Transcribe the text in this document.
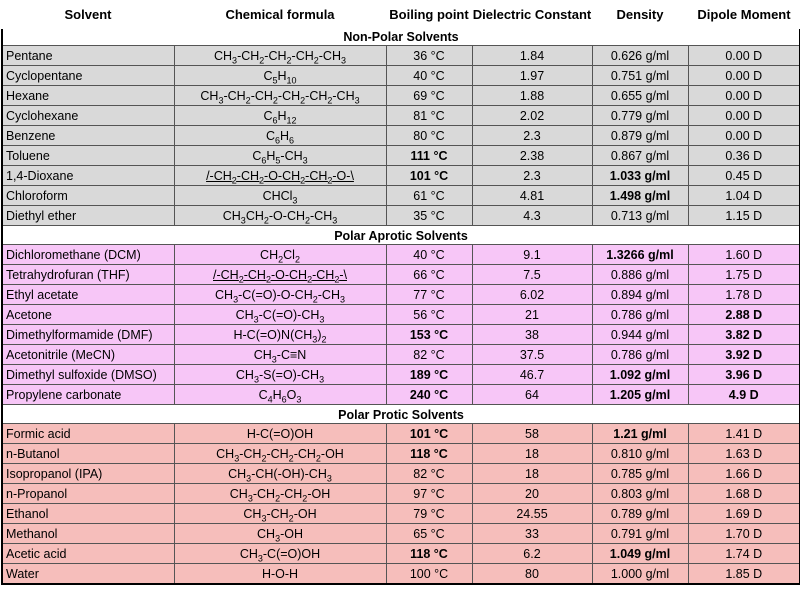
Solvent	Chemical formula	Boiling point	Dielectric Constant	Density	Dipole Moment
Non-Polar Solvents					
Pentane	$CH_3-CH_2-CH_2-CH_2-CH_3$	36 °C	1.84	0.626 g/ml	0.00 D
Cyclopentane	$C_5H_{10}$	40 °C	1.97	0.751 g/ml	0.00 D
Hexane	$CH_3-CH_2-CH_2-CH_2-CH_2-CH_3$	69 °C	1.88	0.655 g/ml	0.00 D
Cyclohexane	$C_6H_{12}$	81 °C	2.02	0.779 g/ml	0.00 D
Benzene	$C_6H_6$	80 °C	2.3	0.879 g/ml	0.00 D
Toluene	$C_6H_5-CH_3$	111 °C	2.38	0.867 g/ml	0.36 D
1,4-Dioxane	$/-CH_2-CH_2-O-CH_2-CH_2-O-\backslash$	101 °C	2.3	1.033 g/ml	0.45 D
Chloroform	CHCl$_3$	61 °C	4.81	1.498 g/ml	1.04 D
Diethyl ether	$CH_3CH_2-O-CH_2-CH_3$	35 °C	4.3	0.713 g/ml	1.15 D

Polar Aprotic Solvents					
Dichloromethane (DCM)	$CH_2Cl_2$	40 °C	9.1	1.3266 g/ml	1.60 D
Tetrahydrofuran (THF)	$/-CH_2-CH_2-O-CH_2-CH_2-\backslash$	66 °C	7.5	0.886 g/ml	1.75 D
Ethyl acetate	$CH_3-C(=O)-O-CH_2-CH_3$	77 °C	6.02	0.894 g/ml	1.78 D
Acetone	$CH_3-C(=O)-CH_3$	56 °C	21	0.786 g/ml	2.88 D
Dimethylformamide (DMF)	$H-C(=O)N(CH_3)_2$	153 °C	38	0.944 g/ml	3.82 D
Acetonitrile (MeCN)	$CH_3-C\equiv N$	82 °C	37.5	0.786 g/ml	3.92 D
Dimethyl sulfoxide (DMSO)	$CH_3-S(=O)-CH_3$	189 °C	46.7	1.092 g/ml	3.96 D
Propylene carbonate	$C_4H_6O_3$	240 °C	64	1.205 g/ml	4.9 D

Polar Protic Solvents					
Formic acid	H-C(=O)OH	101 °C	58	1.21 g/ml	1.41 D
n-Butanol	$CH_3-CH_2-CH_2-CH_2-OH$	118 °C	18	0.810 g/ml	1.63 D
Isopropanol (IPA)	$CH_3-CH(-OH)-CH_3$	82 °C	18	0.785 g/ml	1.66 D
n-Propanol	$CH_3-CH_2-CH_2-OH$	97 °C	20	0.803 g/ml	1.68 D
Ethanol	$CH_3-CH_2-OH$	79 °C	24.55	0.789 g/ml	1.69 D
Methanol	$CH_3-OH$	65 °C	33	0.791 g/ml	1.70 D
Acetic acid	$CH_3-C(=O)OH$	118 °C	6.2	1.049 g/ml	1.74 D
Water	H-O-H	100 °C	80	1.000 g/ml	1.85 D
